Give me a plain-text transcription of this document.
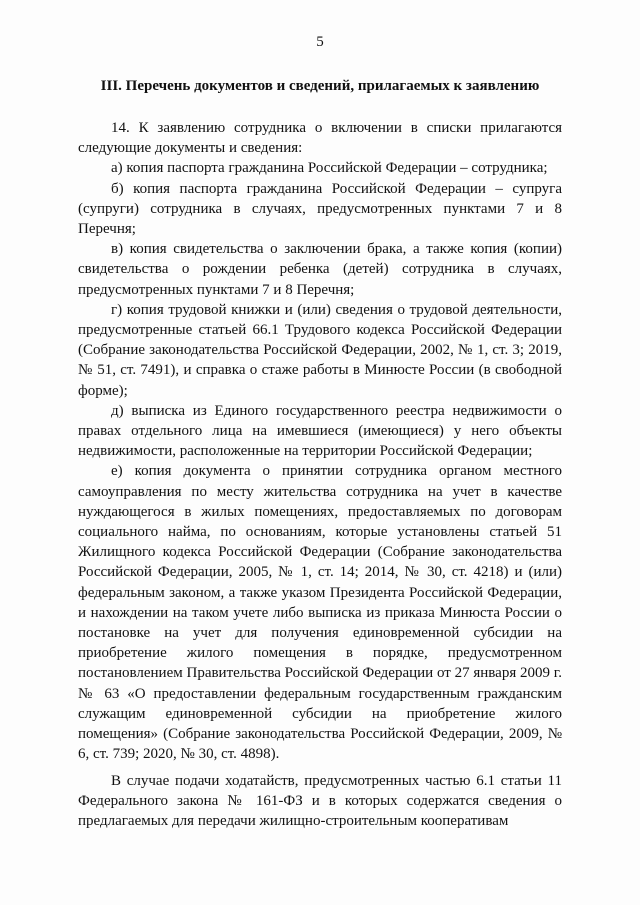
5
III. Перечень документов и сведений, прилагаемых к заявлению

14. К заявлению сотрудника о включении в списки прилагаются следующие документы и сведения:

а) копия паспорта гражданина Российской Федерации – сотрудника;

б) копия паспорта гражданина Российской Федерации – супруга (супруги) сотрудника в случаях, предусмотренных пунктами 7 и 8 Перечня;

в) копия свидетельства о заключении брака, а также копия (копии) свидетельства о рождении ребенка (детей) сотрудника в случаях, предусмотренных пунктами 7 и 8 Перечня;

г) копия трудовой книжки и (или) сведения о трудовой деятельности, предусмотренные статьей 66.1 Трудового кодекса Российской Федерации (Собрание законодательства Российской Федерации, 2002, № 1, ст. 3; 2019, № 51, ст. 7491), и справка о стаже работы в Минюсте России (в свободной форме);

д) выписка из Единого государственного реестра недвижимости о правах отдельного лица на имевшиеся (имеющиеся) у него объекты недвижимости, расположенные на территории Российской Федерации;

е) копия документа о принятии сотрудника органом местного самоуправления по месту жительства сотрудника на учет в качестве нуждающегося в жилых помещениях, предоставляемых по договорам социального найма, по основаниям, которые установлены статьей 51 Жилищного кодекса Российской Федерации (Собрание законодательства Российской Федерации, 2005, № 1, ст. 14; 2014, № 30, ст. 4218) и (или) федеральным законом, а также указом Президента Российской Федерации, и нахождении на таком учете либо выписка из приказа Минюста России о постановке на учет для получения единовременной субсидии на приобретение жилого помещения в порядке, предусмотренном постановлением Правительства Российской Федерации от 27 января 2009 г. № 63 «О предоставлении федеральным государственным гражданским служащим единовременной субсидии на приобретение жилого помещения» (Собрание законодательства Российской Федерации, 2009, № 6, ст. 739; 2020, № 30, ст. 4898).

В случае подачи ходатайств, предусмотренных частью 6.1 статьи 11 Федерального закона № 161-ФЗ и в которых содержатся сведения о предлагаемых для передачи жилищно-строительным кооперативам
